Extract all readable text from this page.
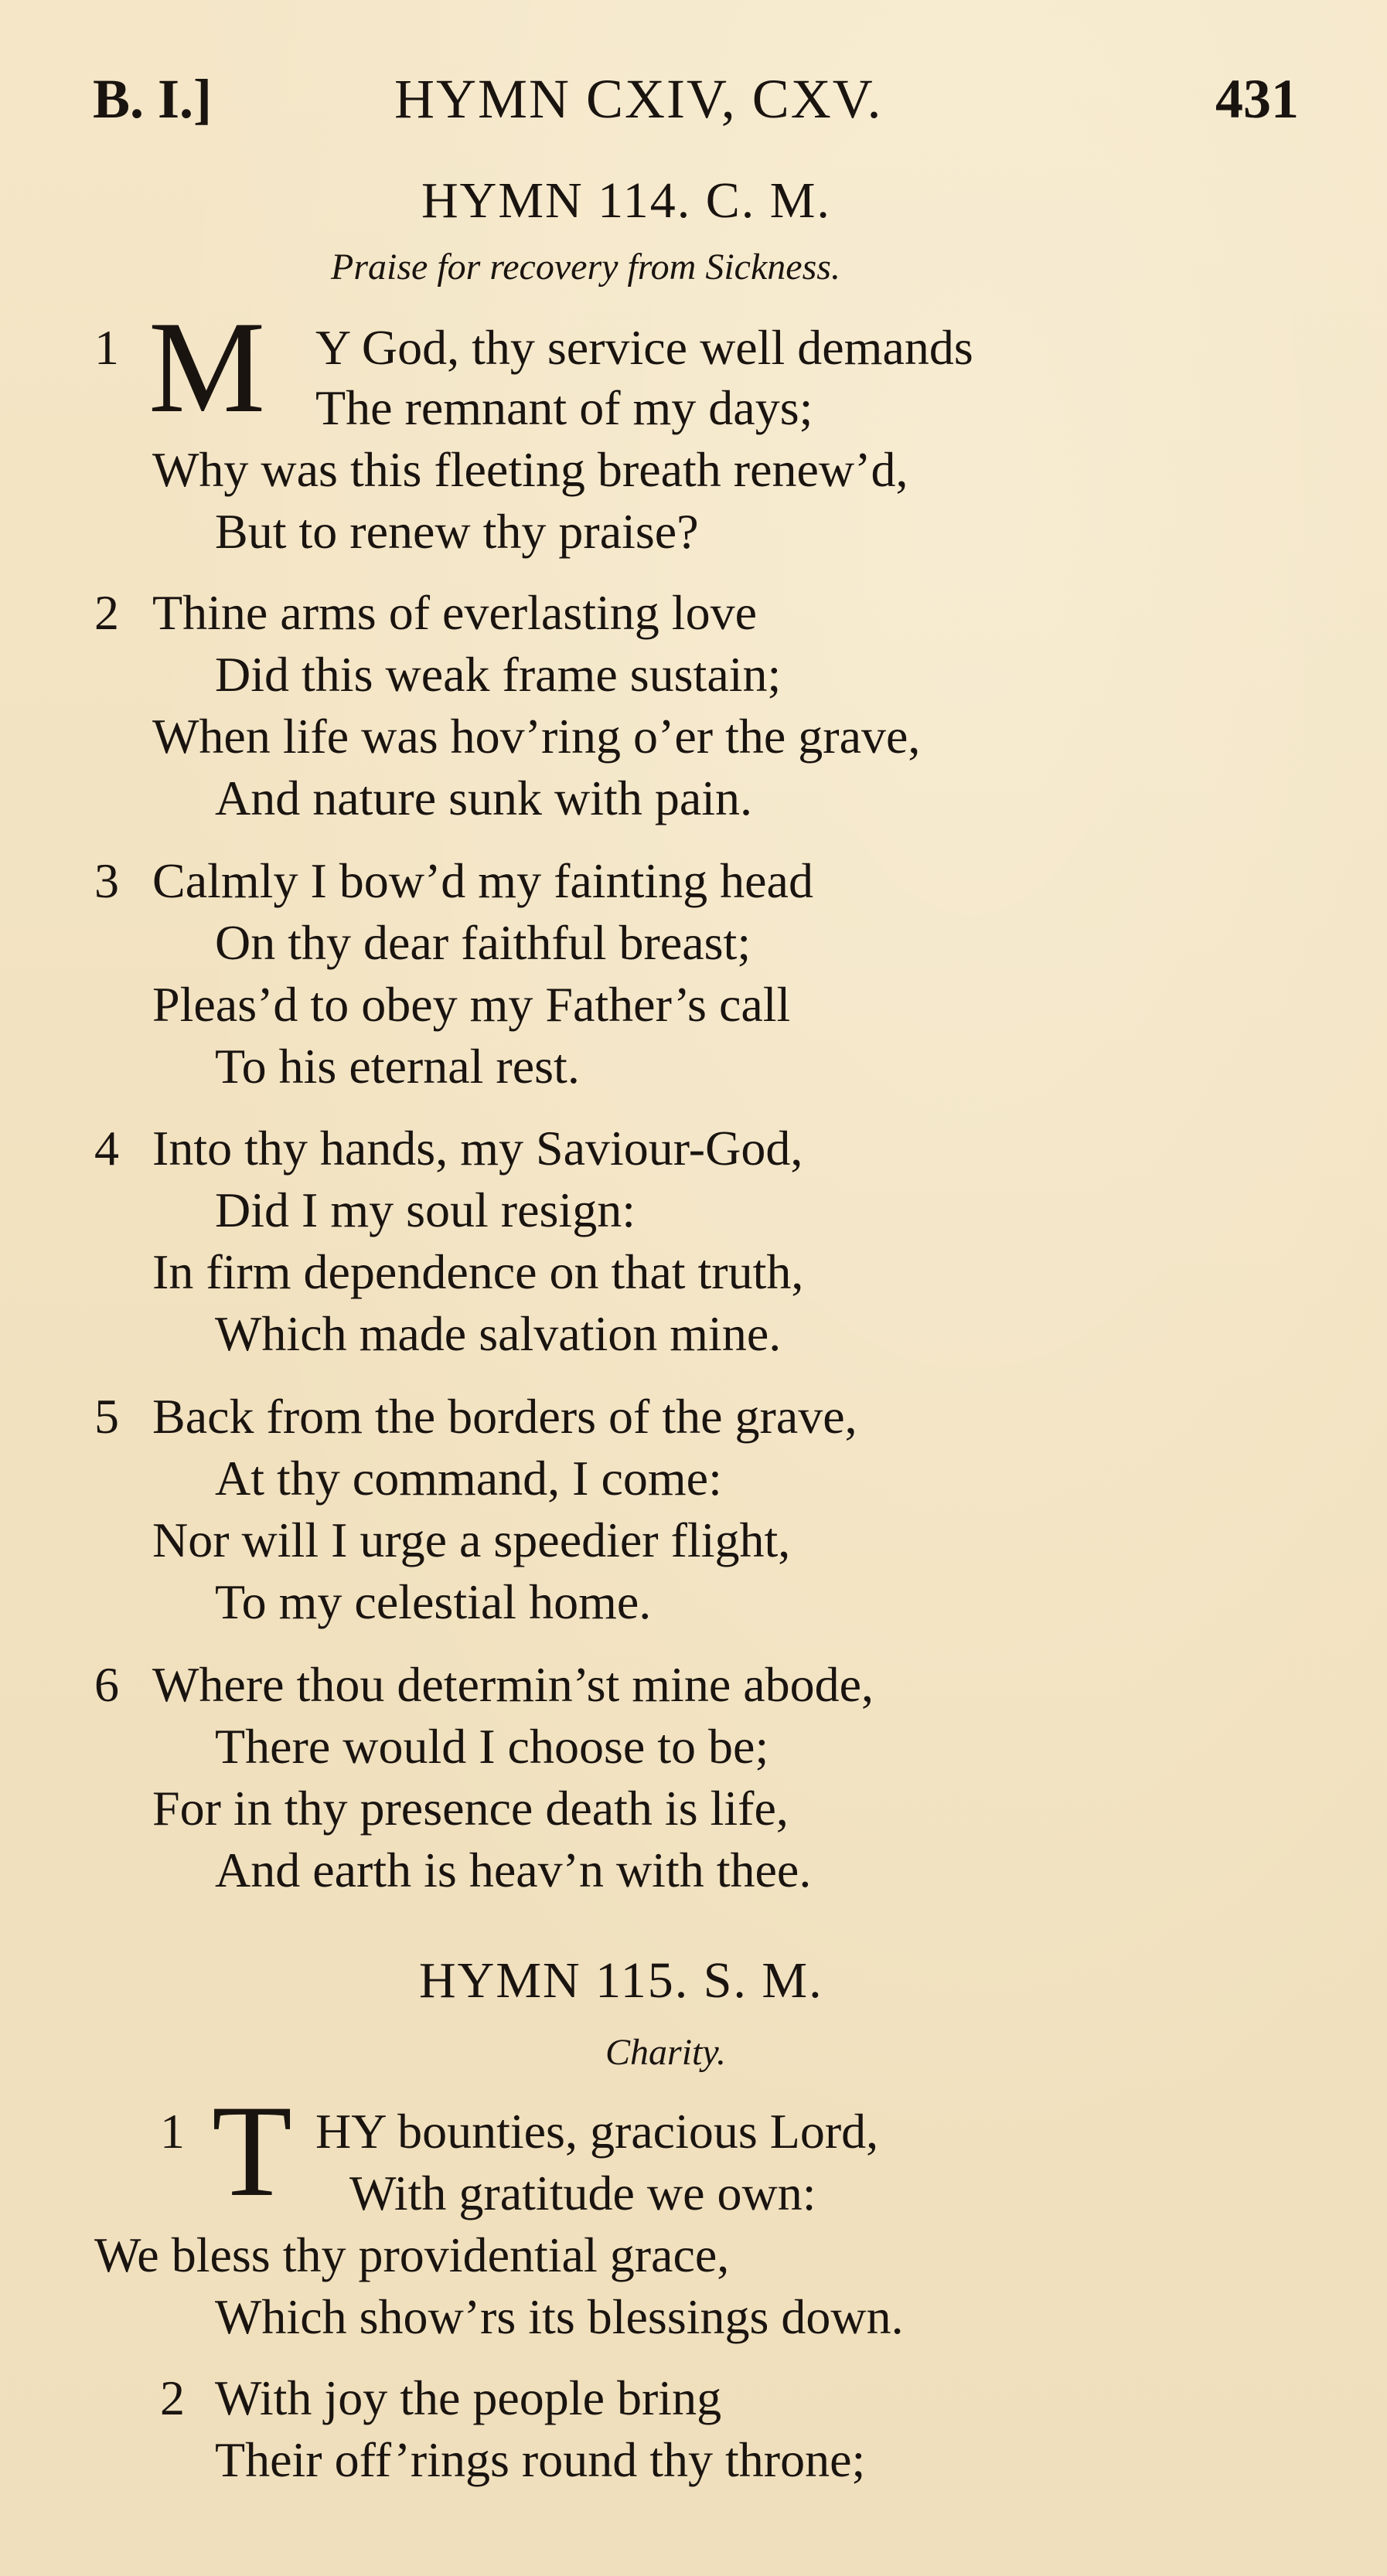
B. I.]	HYMN CXIV, CXV.	431
HYMN 114. C. M.
Praise for recovery from Sickness.
1 M Y God, thy service well demands
The remnant of my days;
Why was this fleeting breath renew’d,
But to renew thy praise?
2 Thine arms of everlasting love
Did this weak frame sustain;
When life was hov’ring o’er the grave,
And nature sunk with pain.
3 Calmly I bow’d my fainting head
On thy dear faithful breast;
Pleas’d to obey my Father’s call
To his eternal rest.
4 Into thy hands, my Saviour-God,
Did I my soul resign:
In firm dependence on that truth,
Which made salvation mine.
5 Back from the borders of the grave,
At thy command, I come:
Nor will I urge a speedier flight,
To my celestial home.
6 Where thou determin’st mine abode,
There would I choose to be;
For in thy presence death is life,
And earth is heav’n with thee.
HYMN 115. S. M.
Charity.
1 T HY bounties, gracious Lord,
With gratitude we own:
We bless thy providential grace,
Which show’rs its blessings down.
2 With joy the people bring
Their off’rings round thy throne;
